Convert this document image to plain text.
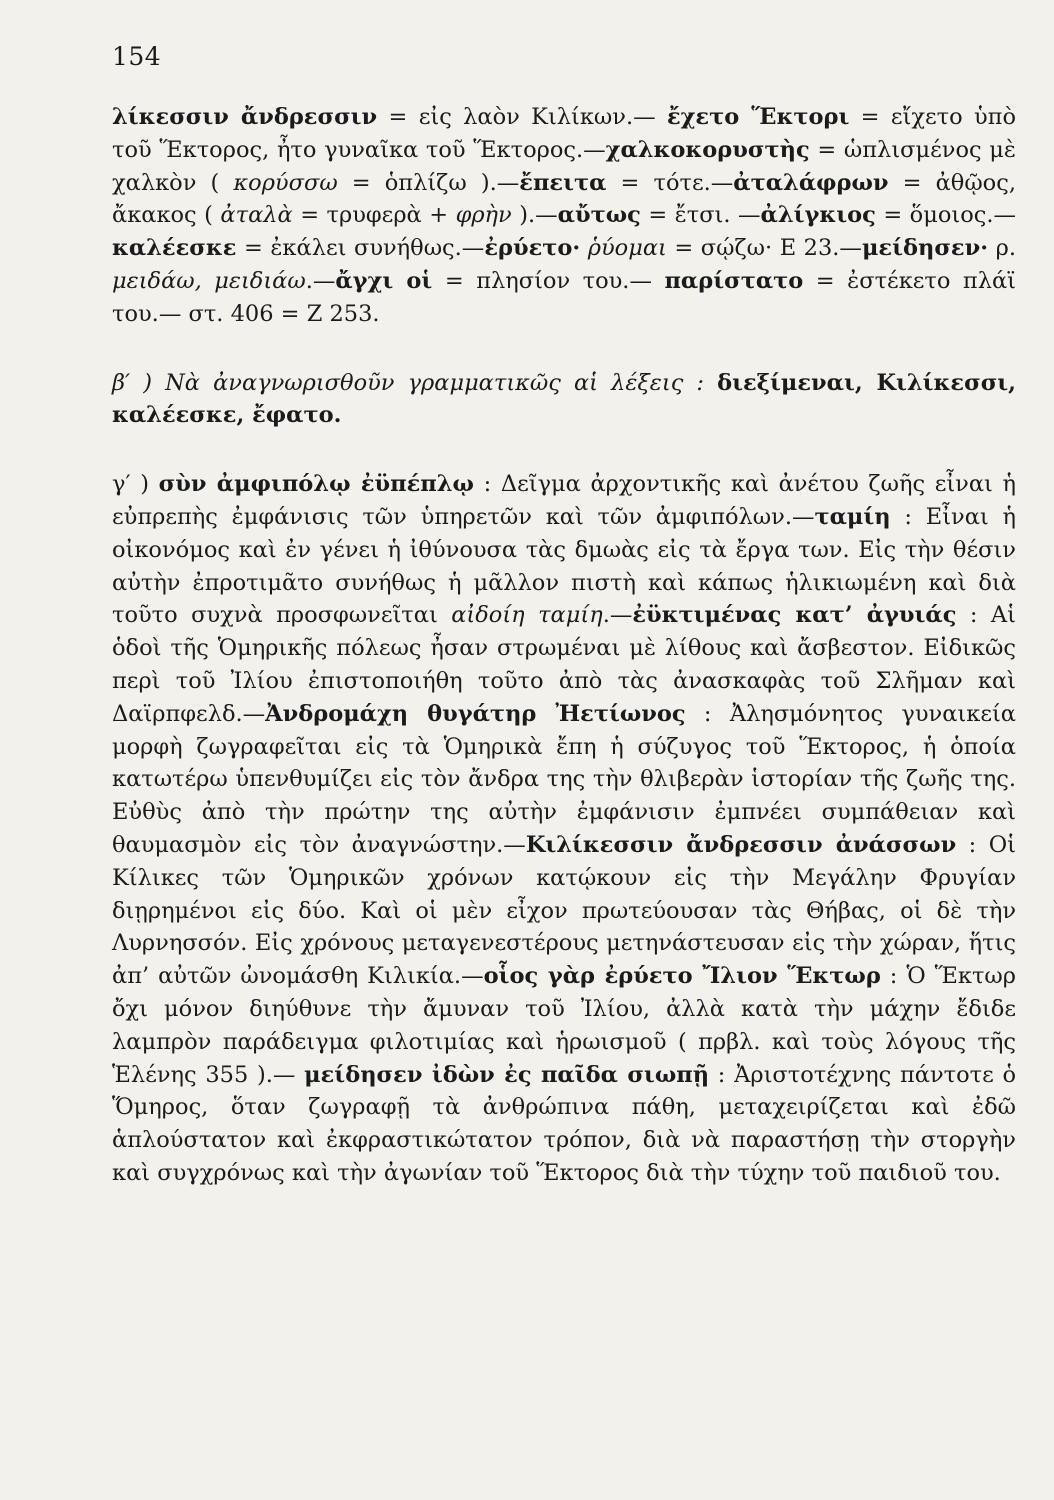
154

λίκεσσιν ἄνδρεσσιν = εἰς λαὸν Κιλίκων.— ἔχετο Ἕκτορι = εἴχετο ὑπὸ τοῦ Ἕκτορος, ἦτο γυναῖκα τοῦ Ἕκτορος.—χαλκοκορυστὴς = ὡπλισμένος μὲ χαλκὸν ( κορύσσω = ὁπλίζω ).—ἔπειτα = τότε.—ἀταλάφρων = ἀθῷος, ἄκακος ( ἀταλὰ = τρυφερὰ + φρὴν ).—αὔτως = ἔτσι. —ἀλίγκιος = ὅμοιος.— καλέεσκε = ἐκάλει συνήθως.—ἐρύετο· ῥύομαι = σῴζω· Ε 23.—μείδησεν· ρ. μειδάω, μειδιάω.—ἄγχι οἱ = πλησίον του.— παρίστατο = ἐστέκετο πλάϊ του.— στ. 406 = Ζ 253.

β′ ) Νὰ ἀναγνωρισθοῦν γραμματικῶς αἱ λέξεις : διεξίμεναι, Κιλίκεσσι, καλέεσκε, ἔφατο.

γ′ ) σὺν ἀμφιπόλῳ ἐϋπέπλῳ : Δεῖγμα ἀρχοντικῆς καὶ ἀνέτου ζωῆς εἶναι ἡ εὐπρεπὴς ἐμφάνισις τῶν ὑπηρετῶν καὶ τῶν ἀμφιπόλων.—ταμίη : Εἶναι ἡ οἰκονόμος καὶ ἐν γένει ἡ ἰθύνουσα τὰς δμωὰς εἰς τὰ ἔργα των. Εἰς τὴν θέσιν αὐτὴν ἐπροτιμᾶτο συνήθως ἡ μᾶλλον πιστὴ καὶ κάπως ἡλικιωμένη καὶ διὰ τοῦτο συχνὰ προσφωνεῖται αἰδοίη ταμίη.—ἐϋκτιμένας κατ’ ἀγυιάς : Αἱ ὁδοὶ τῆς Ὁμηρικῆς πόλεως ἦσαν στρωμέναι μὲ λίθους καὶ ἄσβεστον. Εἰδικῶς περὶ τοῦ Ἰλίου ἐπιστοποιήθη τοῦτο ἀπὸ τὰς ἀνασκαφὰς τοῦ Σλῆμαν καὶ Δαϊρπφελδ.—Ἀνδρομάχη θυγάτηρ Ἠετίωνος : Ἀλησμόνητος γυναικεία μορφὴ ζωγραφεῖται εἰς τὰ Ὁμηρικὰ ἔπη ἡ σύζυγος τοῦ Ἕκτορος, ἡ ὁποία κατωτέρω ὑπενθυμίζει εἰς τὸν ἄνδρα της τὴν θλιβερὰν ἱστορίαν τῆς ζωῆς της. Εὐθὺς ἀπὸ τὴν πρώτην της αὐτὴν ἐμφάνισιν ἐμπνέει συμπάθειαν καὶ θαυμασμὸν εἰς τὸν ἀναγνώστην.—Κιλίκεσσιν ἄνδρεσσιν ἀνάσσων : Οἱ Κίλικες τῶν Ὁμηρικῶν χρόνων κατῴκουν εἰς τὴν Μεγάλην Φρυγίαν διῃρημένοι εἰς δύο. Καὶ οἱ μὲν εἶχον πρωτεύουσαν τὰς Θήβας, οἱ δὲ τὴν Λυρνησσόν. Εἰς χρόνους μεταγενεστέρους μετηνάστευσαν εἰς τὴν χώραν, ἥτις ἀπ’ αὐτῶν ὠνομάσθη Κιλικία.—οἷος γὰρ ἐρύετο Ἴλιον Ἕκτωρ : Ὁ Ἕκτωρ ὄχι μόνον διηύθυνε τὴν ἄμυναν τοῦ Ἰλίου, ἀλλὰ κατὰ τὴν μάχην ἔδιδε λαμπρὸν παράδειγμα φιλοτιμίας καὶ ἡρωισμοῦ ( πρβλ. καὶ τοὺς λόγους τῆς Ἑλένης 355 ).— μείδησεν ἰδὼν ἐς παῖδα σιωπῇ : Ἀριστοτέχνης πάντοτε ὁ Ὅμηρος, ὅταν ζωγραφῇ τὰ ἀνθρώπινα πάθη, μεταχειρίζεται καὶ ἐδῶ ἁπλούστατον καὶ ἐκφραστικώτατον τρόπον, διὰ νὰ παραστήσῃ τὴν στοργὴν καὶ συγχρόνως καὶ τὴν ἀγωνίαν τοῦ Ἕκτορος διὰ τὴν τύχην τοῦ παιδιοῦ του.
